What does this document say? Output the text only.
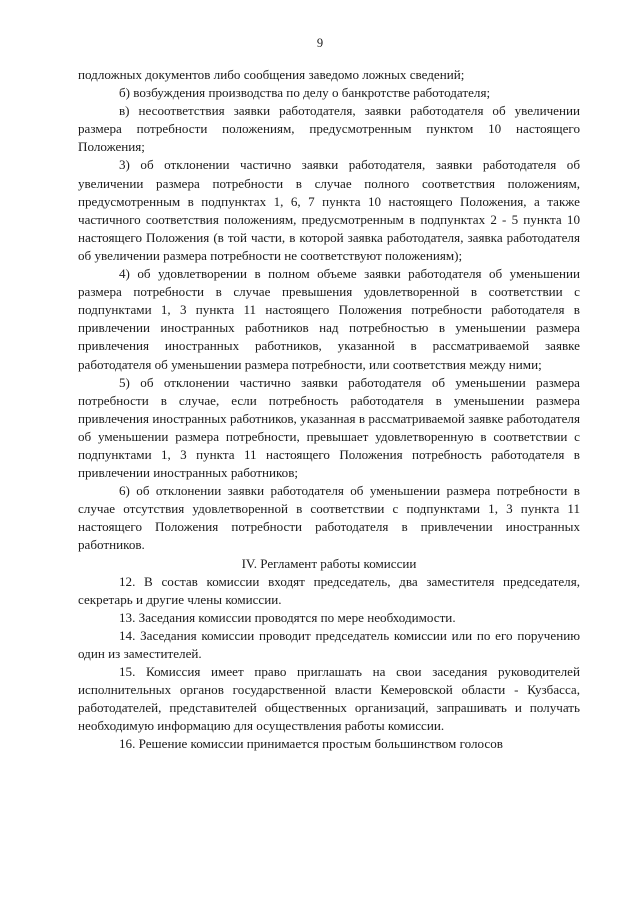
9

подложных документов либо сообщения заведомо ложных сведений;

б) возбуждения производства по делу о банкротстве работодателя;

в) несоответствия заявки работодателя, заявки работодателя об увеличении размера потребности положениям, предусмотренным пунктом 10 настоящего Положения;

3) об отклонении частично заявки работодателя, заявки работодателя об увеличении размера потребности в случае полного соответствия положениям, предусмотренным в подпунктах 1, 6, 7 пункта 10 настоящего Положения, а также частичного соответствия положениям, предусмотренным в подпунктах 2 - 5 пункта 10 настоящего Положения (в той части, в которой заявка работодателя, заявка работодателя об увеличении размера потребности не соответствуют положениям);

4) об удовлетворении в полном объеме заявки работодателя об уменьшении размера потребности в случае превышения удовлетворенной в соответствии с подпунктами 1, 3 пункта 11 настоящего Положения потребности работодателя в привлечении иностранных работников над потребностью в уменьшении размера привлечения иностранных работников, указанной в рассматриваемой заявке работодателя об уменьшении размера потребности, или соответствия между ними;

5) об отклонении частично заявки работодателя об уменьшении размера потребности в случае, если потребность работодателя в уменьшении размера привлечения иностранных работников, указанная в рассматриваемой заявке работодателя об уменьшении размера потребности, превышает удовлетворенную в соответствии с подпунктами 1, 3 пункта 11 настоящего Положения потребность работодателя в привлечении иностранных работников;

6) об отклонении заявки работодателя об уменьшении размера потребности в случае отсутствия удовлетворенной в соответствии с подпунктами 1, 3 пункта 11 настоящего Положения потребности работодателя в привлечении иностранных работников.

IV. Регламент работы комиссии

12. В состав комиссии входят председатель, два заместителя председателя, секретарь и другие члены комиссии.

13. Заседания комиссии проводятся по мере необходимости.

14. Заседания комиссии проводит председатель комиссии или по его поручению один из заместителей.

15. Комиссия имеет право приглашать на свои заседания руководителей исполнительных органов государственной власти Кемеровской области - Кузбасса, работодателей, представителей общественных организаций, запрашивать и получать необходимую информацию для осуществления работы комиссии.

16. Решение комиссии принимается простым большинством голосов
